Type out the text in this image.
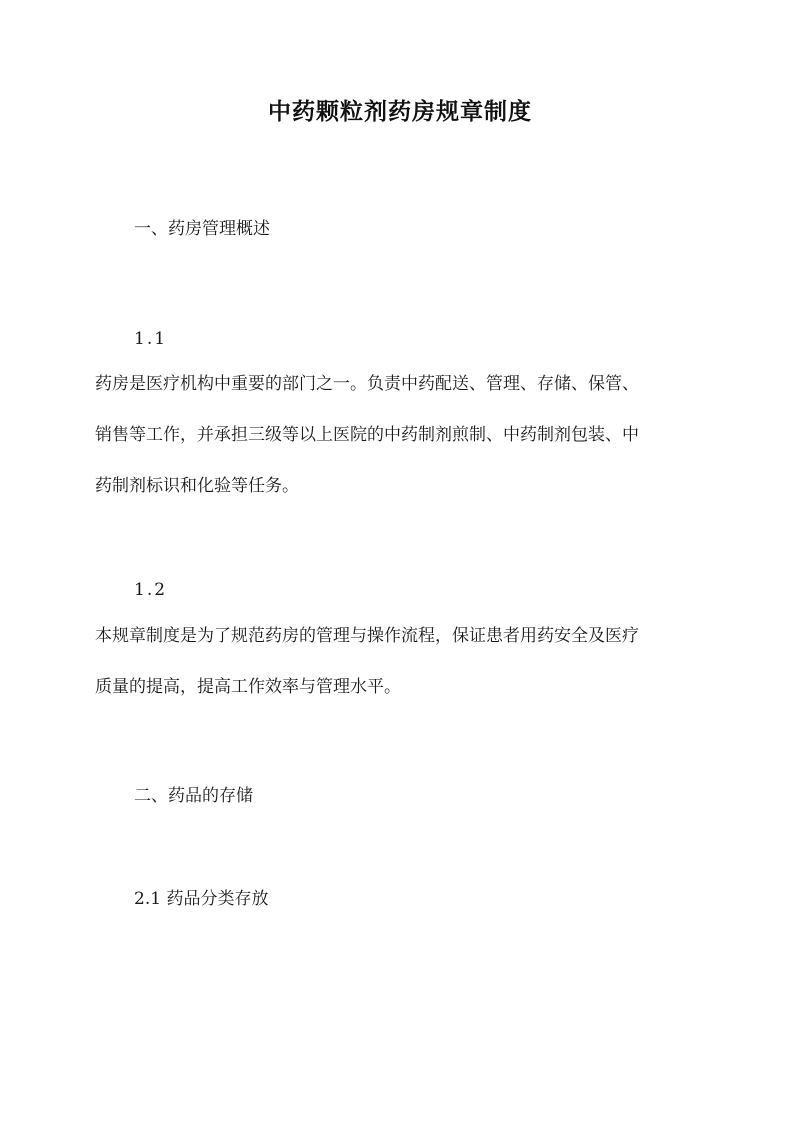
中药颗粒剂药房规章制度
一、药房管理概述
1.1
药房是医疗机构中重要的部门之一。负责中药配送、管理、存储、保管、
销售等工作，并承担三级等以上医院的中药制剂煎制、中药制剂包装、中
药制剂标识和化验等任务。
1.2
本规章制度是为了规范药房的管理与操作流程，保证患者用药安全及医疗
质量的提高，提高工作效率与管理水平。
二、药品的存储
2.1 药品分类存放
